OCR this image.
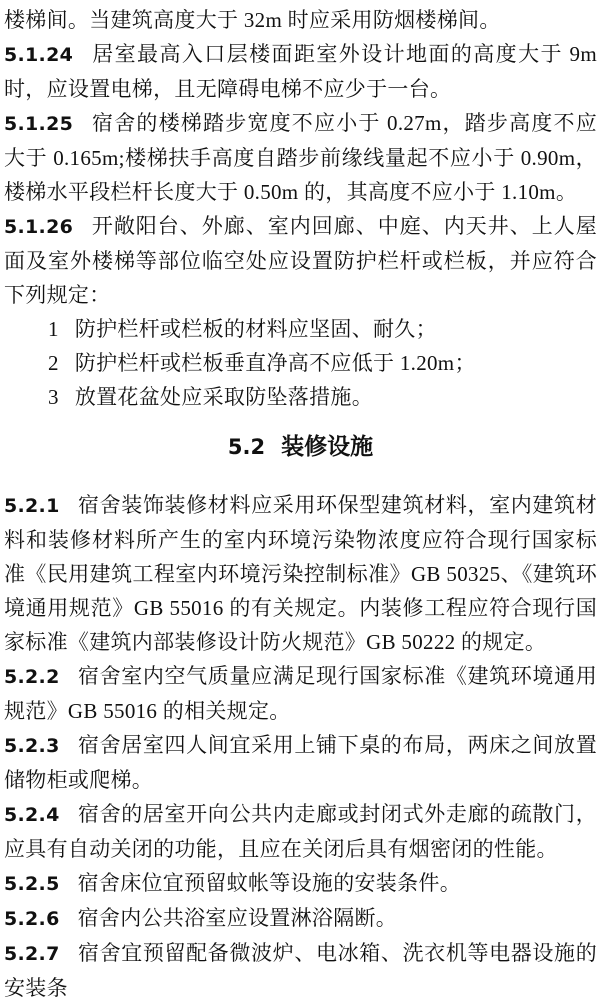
楼梯间。当建筑高度大于 32m 时应采用防烟楼梯间。

5.1.24 居室最高入口层楼面距室外设计地面的高度大于 9m 时，应设置电梯，且无障碍电梯不应少于一台。

5.1.25 宿舍的楼梯踏步宽度不应小于 0.27m，踏步高度不应大于 0.165m;楼梯扶手高度自踏步前缘线量起不应小于 0.90m，楼梯水平段栏杆长度大于 0.50m 的，其高度不应小于 1.10m。

5.1.26 开敞阳台、外廊、室内回廊、中庭、内天井、上人屋面及室外楼梯等部位临空处应设置防护栏杆或栏板，并应符合下列规定：

1 防护栏杆或栏板的材料应坚固、耐久；

2 防护栏杆或栏板垂直净高不应低于 1.20m；

3 放置花盆处应采取防坠落措施。

5.2 装修设施

5.2.1 宿舍装饰装修材料应采用环保型建筑材料，室内建筑材料和装修材料所产生的室内环境污染物浓度应符合现行国家标准《民用建筑工程室内环境污染控制标准》GB 50325、《建筑环境通用规范》GB 55016 的有关规定。内装修工程应符合现行国家标准《建筑内部装修设计防火规范》GB 50222 的规定。

5.2.2 宿舍室内空气质量应满足现行国家标准《建筑环境通用规范》GB 55016 的相关规定。

5.2.3 宿舍居室四人间宜采用上铺下桌的布局，两床之间放置储物柜或爬梯。

5.2.4 宿舍的居室开向公共内走廊或封闭式外走廊的疏散门，应具有自动关闭的功能，且应在关闭后具有烟密闭的性能。

5.2.5 宿舍床位宜预留蚊帐等设施的安装条件。

5.2.6 宿舍内公共浴室应设置淋浴隔断。

5.2.7 宿舍宜预留配备微波炉、电冰箱、洗衣机等电器设施的安装条
